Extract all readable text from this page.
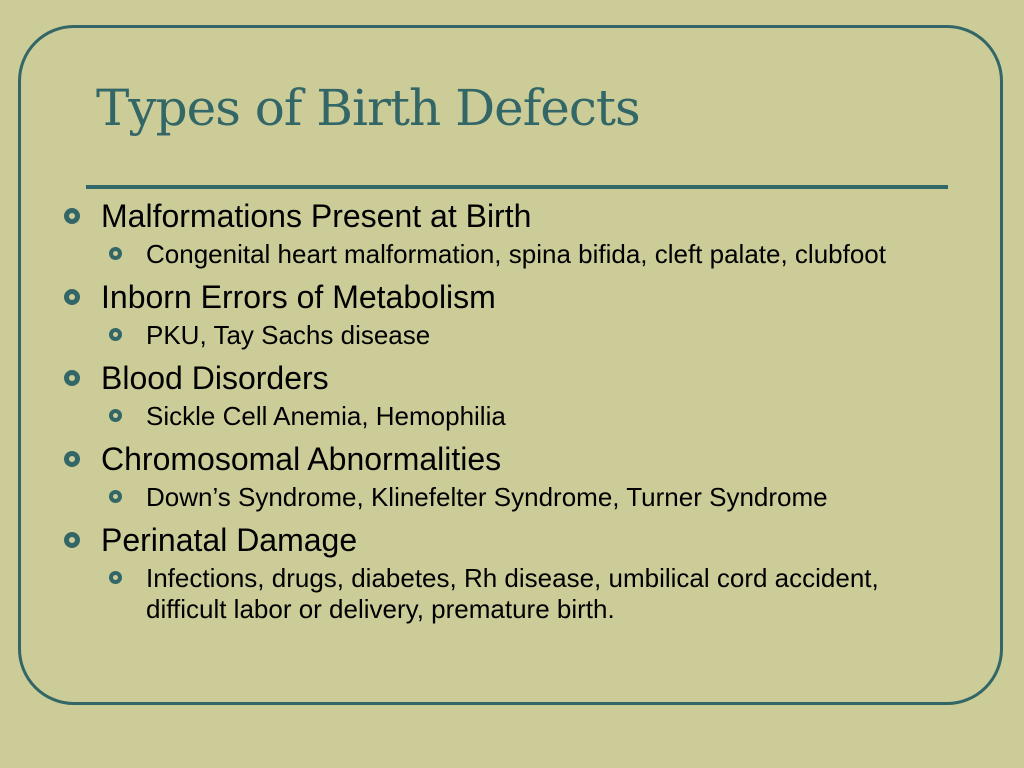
Types of Birth Defects
Malformations Present at Birth
Congenital heart malformation, spina bifida, cleft palate, clubfoot
Inborn Errors of Metabolism
PKU, Tay Sachs disease
Blood Disorders
Sickle Cell Anemia, Hemophilia
Chromosomal Abnormalities
Down’s Syndrome, Klinefelter Syndrome, Turner Syndrome
Perinatal Damage
Infections, drugs, diabetes, Rh disease, umbilical cord accident, difficult labor or delivery, premature birth.
